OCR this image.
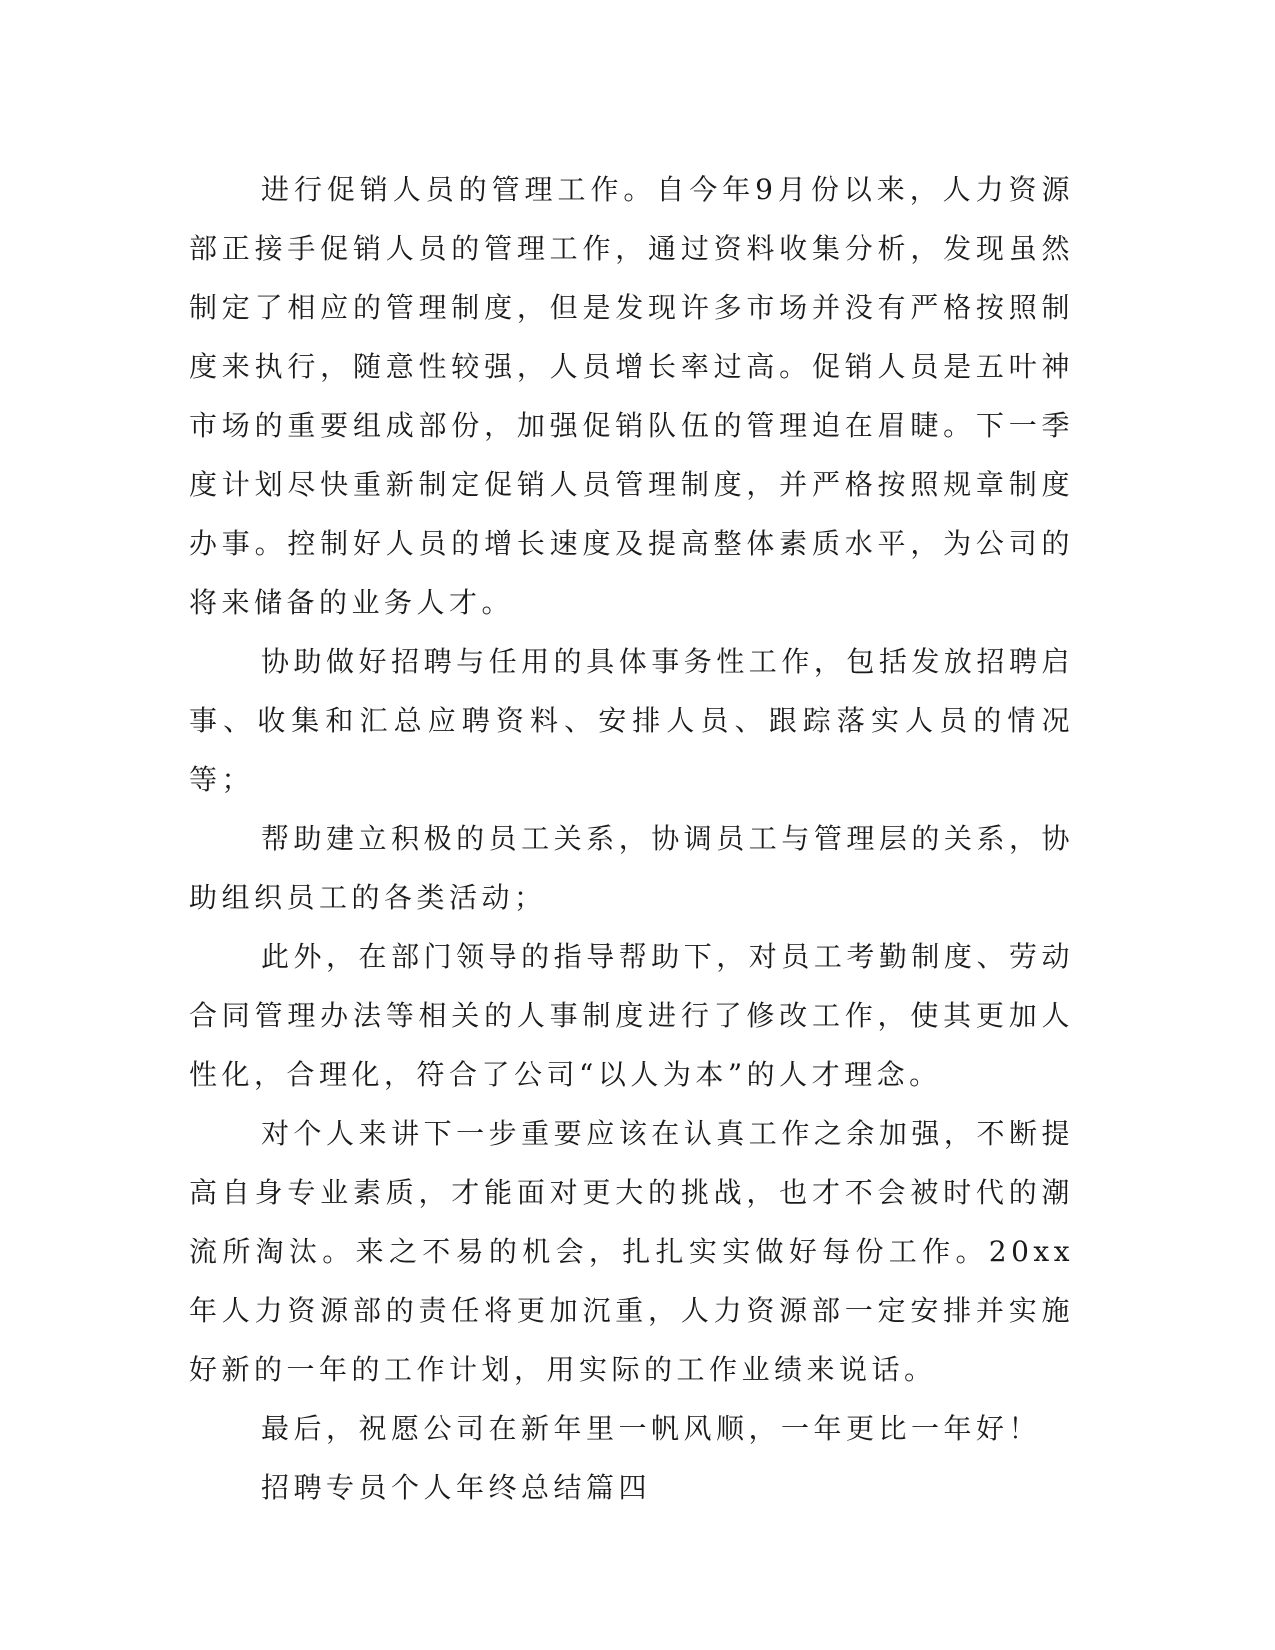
进行促销人员的管理工作。自今年9月份以来，人力资源部正接手促销人员的管理工作，通过资料收集分析，发现虽然制定了相应的管理制度，但是发现许多市场并没有严格按照制度来执行，随意性较强，人员增长率过高。促销人员是五叶神市场的重要组成部份，加强促销队伍的管理迫在眉睫。下一季度计划尽快重新制定促销人员管理制度，并严格按照规章制度办事。控制好人员的增长速度及提高整体素质水平，为公司的将来储备的业务人才。

协助做好招聘与任用的具体事务性工作，包括发放招聘启事、收集和汇总应聘资料、安排人员、跟踪落实人员的情况等；

帮助建立积极的员工关系，协调员工与管理层的关系，协助组织员工的各类活动；

此外，在部门领导的指导帮助下，对员工考勤制度、劳动合同管理办法等相关的人事制度进行了修改工作，使其更加人性化，合理化，符合了公司“以人为本”的人才理念。

对个人来讲下一步重要应该在认真工作之余加强，不断提高自身专业素质，才能面对更大的挑战，也才不会被时代的潮流所淘汰。来之不易的机会，扎扎实实做好每份工作。20xx年人力资源部的责任将更加沉重，人力资源部一定安排并实施好新的一年的工作计划，用实际的工作业绩来说话。

最后，祝愿公司在新年里一帆风顺，一年更比一年好！

招聘专员个人年终总结篇四
